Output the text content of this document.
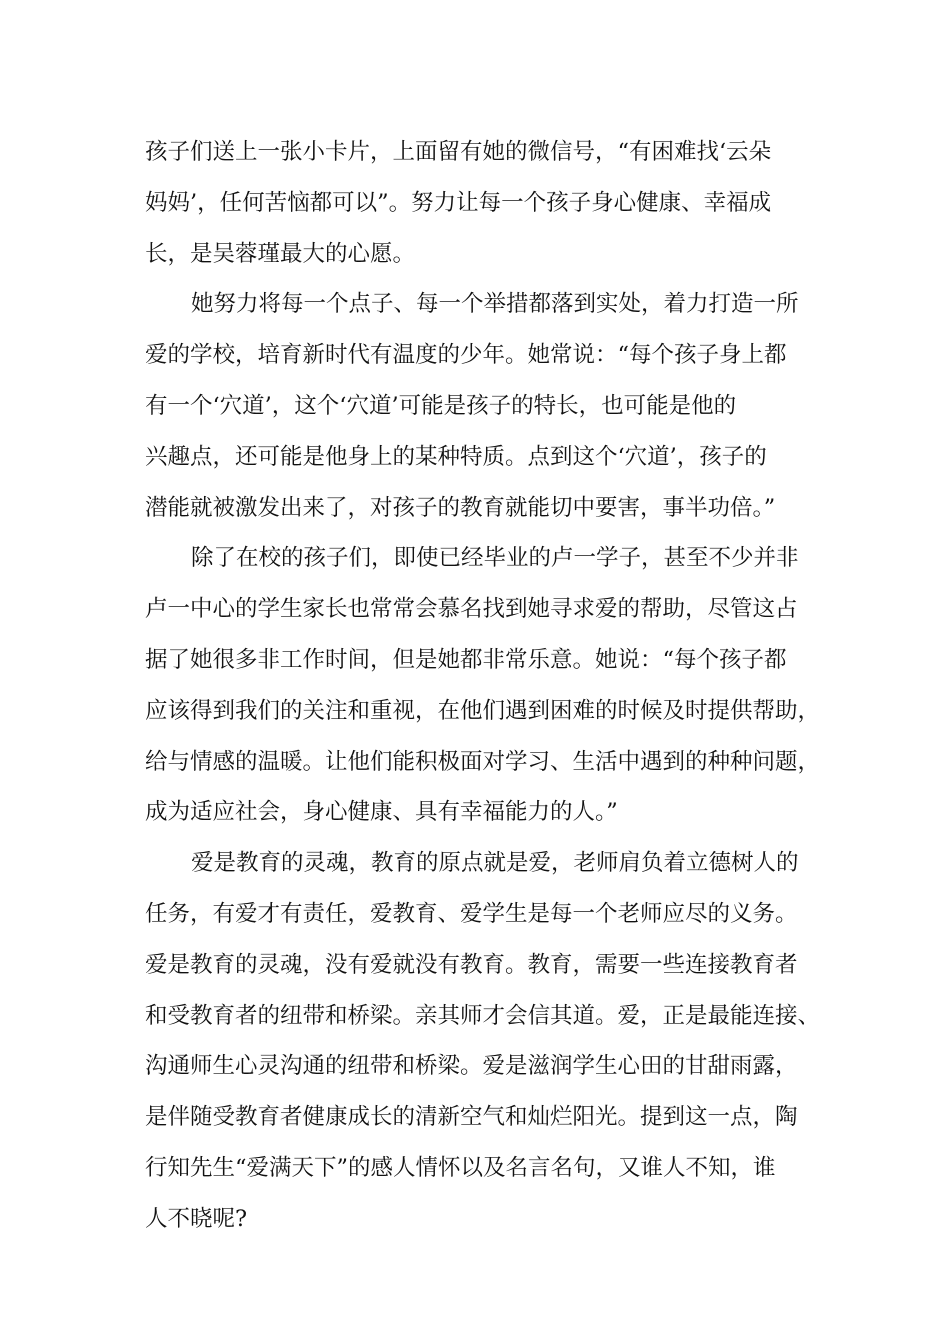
孩子们送上一张小卡片，上面留有她的微信号，“有困难找‘云朵
妈妈’，任何苦恼都可以”。努力让每一个孩子身心健康、幸福成
长，是吴蓉瑾最大的心愿。
她努力将每一个点子、每一个举措都落到实处，着力打造一所
爱的学校，培育新时代有温度的少年。她常说：“每个孩子身上都
有一个‘穴道’，这个‘穴道’可能是孩子的特长，也可能是他的
兴趣点，还可能是他身上的某种特质。点到这个‘穴道’，孩子的
潜能就被激发出来了，对孩子的教育就能切中要害，事半功倍。”
除了在校的孩子们，即使已经毕业的卢一学子，甚至不少并非
卢一中心的学生家长也常常会慕名找到她寻求爱的帮助，尽管这占
据了她很多非工作时间，但是她都非常乐意。她说：“每个孩子都
应该得到我们的关注和重视，在他们遇到困难的时候及时提供帮助，
给与情感的温暖。让他们能积极面对学习、生活中遇到的种种问题，
成为适应社会，身心健康、具有幸福能力的人。”
爱是教育的灵魂，教育的原点就是爱，老师肩负着立德树人的
任务，有爱才有责任，爱教育、爱学生是每一个老师应尽的义务。
爱是教育的灵魂，没有爱就没有教育。教育，需要一些连接教育者
和受教育者的纽带和桥梁。亲其师才会信其道。爱，正是最能连接、
沟通师生心灵沟通的纽带和桥梁。爱是滋润学生心田的甘甜雨露，
是伴随受教育者健康成长的清新空气和灿烂阳光。提到这一点，陶
行知先生“爱满天下”的感人情怀以及名言名句，又谁人不知，谁
人不晓呢?
